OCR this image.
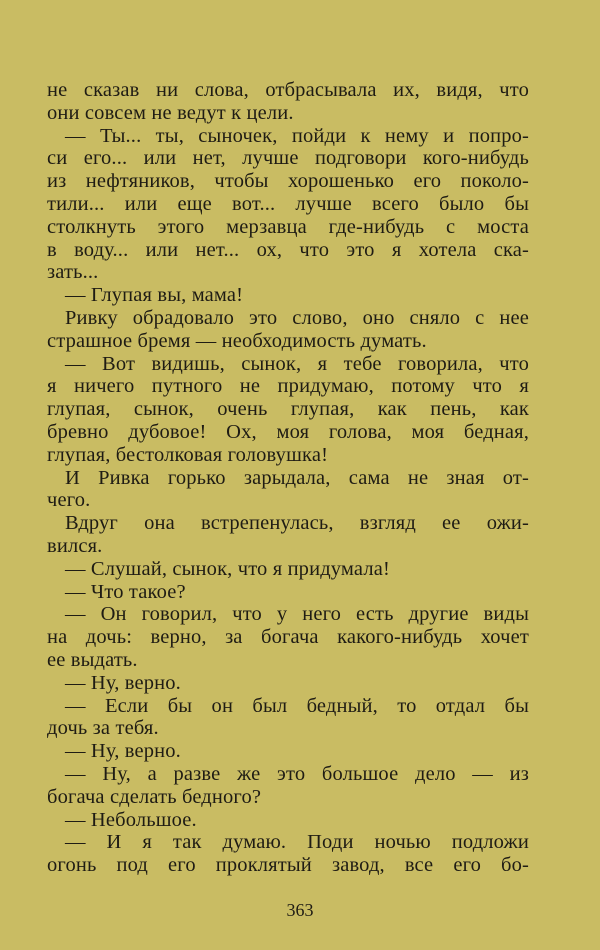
не сказав ни слова, отбрасывала их, видя, что
они совсем не ведут к цели.
— Ты... ты, сыночек, пойди к нему и попро-
си его... или нет, лучше подговори кого-нибудь
из нефтяников, чтобы хорошенько его поколо-
тили... или еще вот... лучше всего было бы
столкнуть этого мерзавца где-нибудь с моста
в воду... или нет... ох, что это я хотела ска-
зать...
— Глупая вы, мама!
Ривку обрадовало это слово, оно сняло с нее
страшное бремя — необходимость думать.
— Вот видишь, сынок, я тебе говорила, что
я ничего путного не придумаю, потому что я
глупая, сынок, очень глупая, как пень, как
бревно дубовое! Ох, моя голова, моя бедная,
глупая, бестолковая головушка!
И Ривка горько зарыдала, сама не зная от-
чего.
Вдруг она встрепенулась, взгляд ее ожи-
вился.
— Слушай, сынок, что я придумала!
— Что такое?
— Он говорил, что у него есть другие виды
на дочь: верно, за богача какого-нибудь хочет
ее выдать.
— Ну, верно.
— Если бы он был бедный, то отдал бы
дочь за тебя.
— Ну, верно.
— Ну, а разве же это большое дело — из
богача сделать бедного?
— Небольшое.
— И я так думаю. Поди ночью подложи
огонь под его проклятый завод, все его бо-
363
